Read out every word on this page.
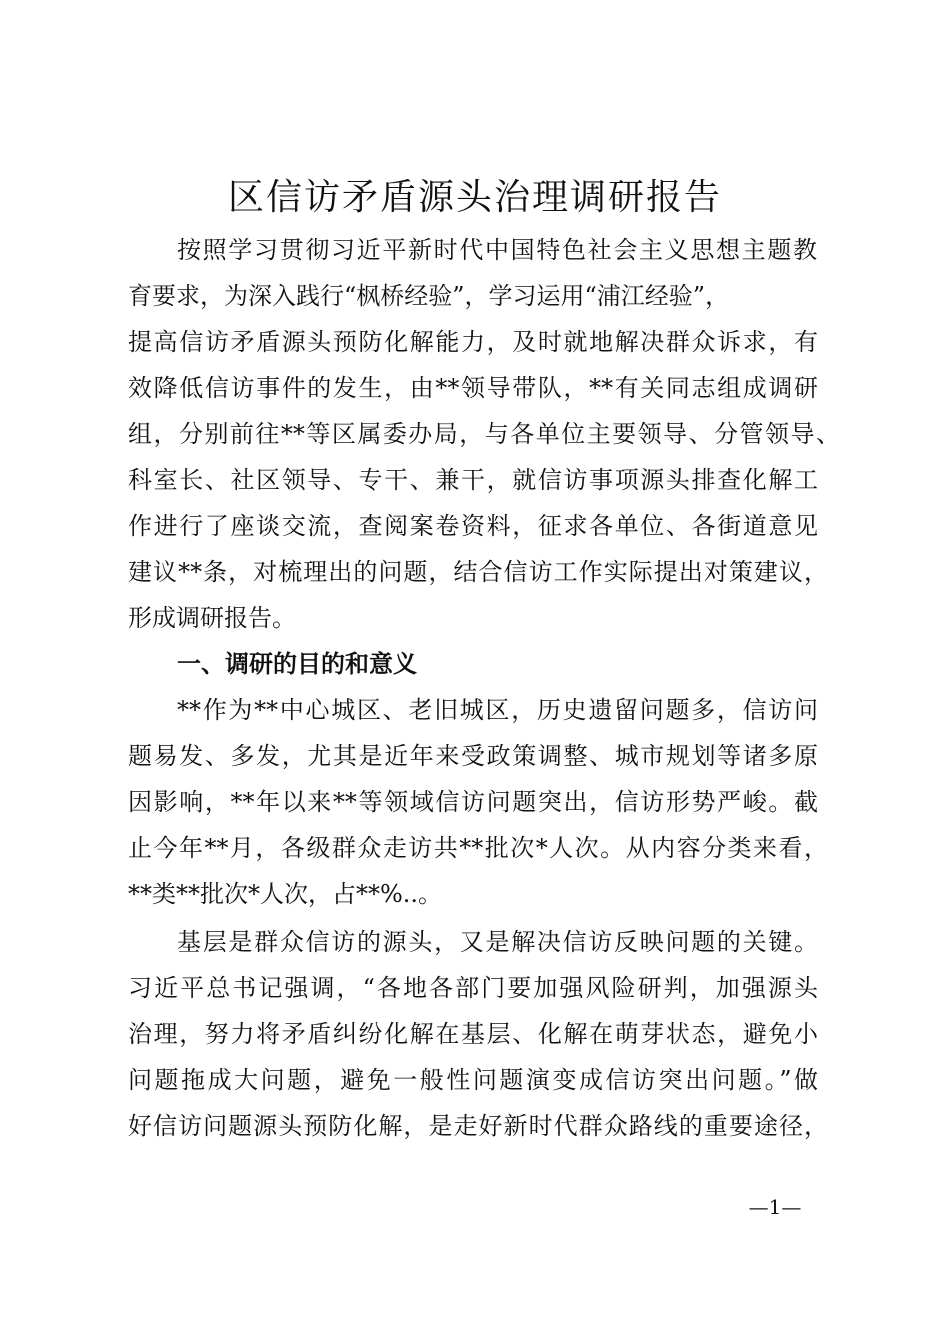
区信访矛盾源头治理调研报告

按照学习贯彻习近平新时代中国特色社会主义思想主题教

育要求，为深入践行“枫桥经验”，学习运用“浦江经验”，

提高信访矛盾源头预防化解能力，及时就地解决群众诉求，有

效降低信访事件的发生，由**领导带队，**有关同志组成调研

组，分别前往**等区属委办局，与各单位主要领导、分管领导、

科室长、社区领导、专干、兼干，就信访事项源头排查化解工

作进行了座谈交流，查阅案卷资料，征求各单位、各街道意见

建议**条，对梳理出的问题，结合信访工作实际提出对策建议，

形成调研报告。

一、调研的目的和意义

**作为**中心城区、老旧城区，历史遗留问题多，信访问

题易发、多发，尤其是近年来受政策调整、城市规划等诸多原

因影响，**年以来**等领域信访问题突出，信访形势严峻。截

止今年**月，各级群众走访共**批次*人次。从内容分类来看，

**类**批次*人次，占**%..。

基层是群众信访的源头，又是解决信访反映问题的关键。

习近平总书记强调，“各地各部门要加强风险研判，加强源头

治理，努力将矛盾纠纷化解在基层、化解在萌芽状态，避免小

问题拖成大问题，避免一般性问题演变成信访突出问题。”做

好信访问题源头预防化解，是走好新时代群众路线的重要途径，

—1—
